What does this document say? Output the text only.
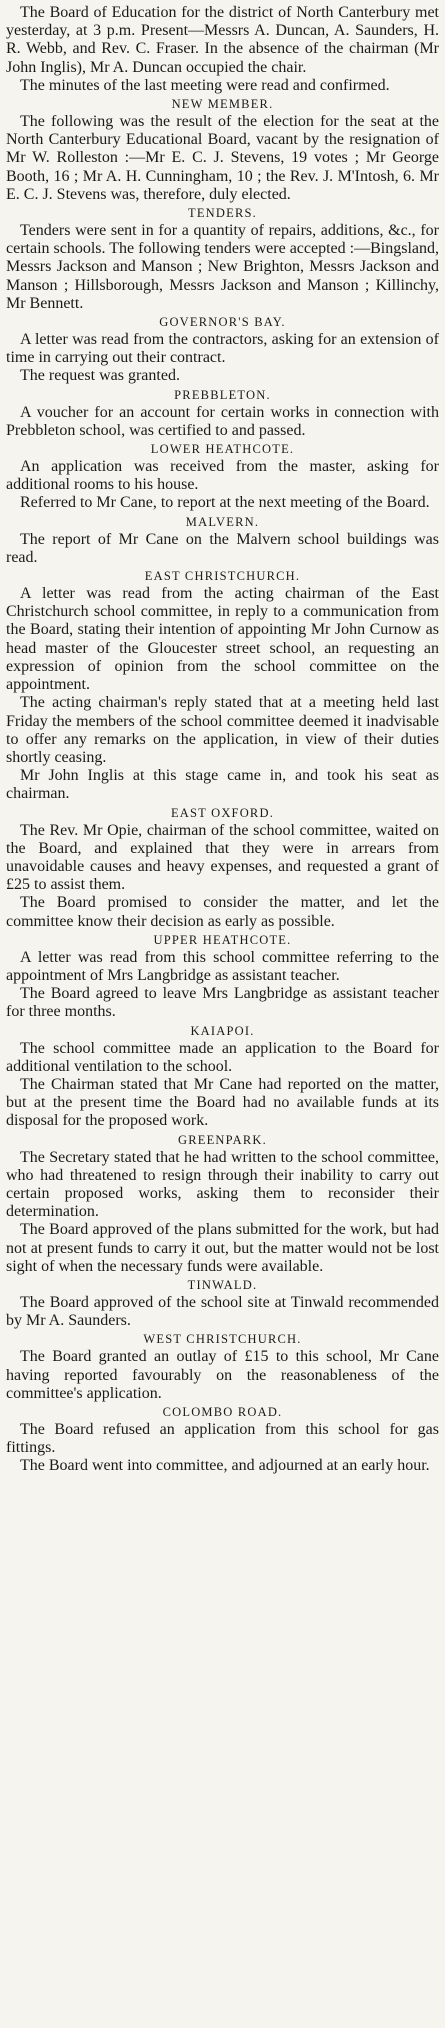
The Board of Education for the district of North Canterbury met yesterday, at 3 p.m. Present—Messrs A. Duncan, A. Saunders, H. R. Webb, and Rev. C. Fraser. In the absence of the chairman (Mr John Inglis), Mr A. Duncan occupied the chair.

The minutes of the last meeting were read and confirmed.

NEW MEMBER.

The following was the result of the election for the seat at the North Canterbury Educational Board, vacant by the resignation of Mr W. Rolleston :—Mr E. C. J. Stevens, 19 votes ; Mr George Booth, 16 ; Mr A. H. Cunningham, 10 ; the Rev. J. M'Intosh, 6. Mr E. C. J. Stevens was, therefore, duly elected.

TENDERS.

Tenders were sent in for a quantity of repairs, additions, &c., for certain schools. The following tenders were accepted :—Bingsland, Messrs Jackson and Manson ; New Brighton, Messrs Jackson and Manson ; Hillsborough, Messrs Jackson and Manson ; Killinchy, Mr Bennett.

GOVERNOR'S BAY.

A letter was read from the contractors, asking for an extension of time in carrying out their contract.

The request was granted.

PREBBLETON.

A voucher for an account for certain works in connection with Prebbleton school, was certified to and passed.

LOWER HEATHCOTE.

An application was received from the master, asking for additional rooms to his house.

Referred to Mr Cane, to report at the next meeting of the Board.

MALVERN.

The report of Mr Cane on the Malvern school buildings was read.

EAST CHRISTCHURCH.

A letter was read from the acting chairman of the East Christchurch school committee, in reply to a communication from the Board, stating their intention of appointing Mr John Curnow as head master of the Gloucester street school, an requesting an expression of opinion from the school committee on the appointment.

The acting chairman's reply stated that at a meeting held last Friday the members of the school committee deemed it inadvisable to offer any remarks on the application, in view of their duties shortly ceasing.

Mr John Inglis at this stage came in, and took his seat as chairman.

EAST OXFORD.

The Rev. Mr Opie, chairman of the school committee, waited on the Board, and explained that they were in arrears from unavoidable causes and heavy expenses, and requested a grant of £25 to assist them.

The Board promised to consider the matter, and let the committee know their decision as early as possible.

UPPER HEATHCOTE.

A letter was read from this school committee referring to the appointment of Mrs Langbridge as assistant teacher.

The Board agreed to leave Mrs Langbridge as assistant teacher for three months.

KAIAPOI.

The school committee made an application to the Board for additional ventilation to the school.

The Chairman stated that Mr Cane had reported on the matter, but at the present time the Board had no available funds at its disposal for the proposed work.

GREENPARK.

The Secretary stated that he had written to the school committee, who had threatened to resign through their inability to carry out certain proposed works, asking them to reconsider their determination.

The Board approved of the plans submitted for the work, but had not at present funds to carry it out, but the matter would not be lost sight of when the necessary funds were available.

TINWALD.

The Board approved of the school site at Tinwald recommended by Mr A. Saunders.

WEST CHRISTCHURCH.

The Board granted an outlay of £15 to this school, Mr Cane having reported favourably on the reasonableness of the committee's application.

COLOMBO ROAD.

The Board refused an application from this school for gas fittings.

The Board went into committee, and adjourned at an early hour.
